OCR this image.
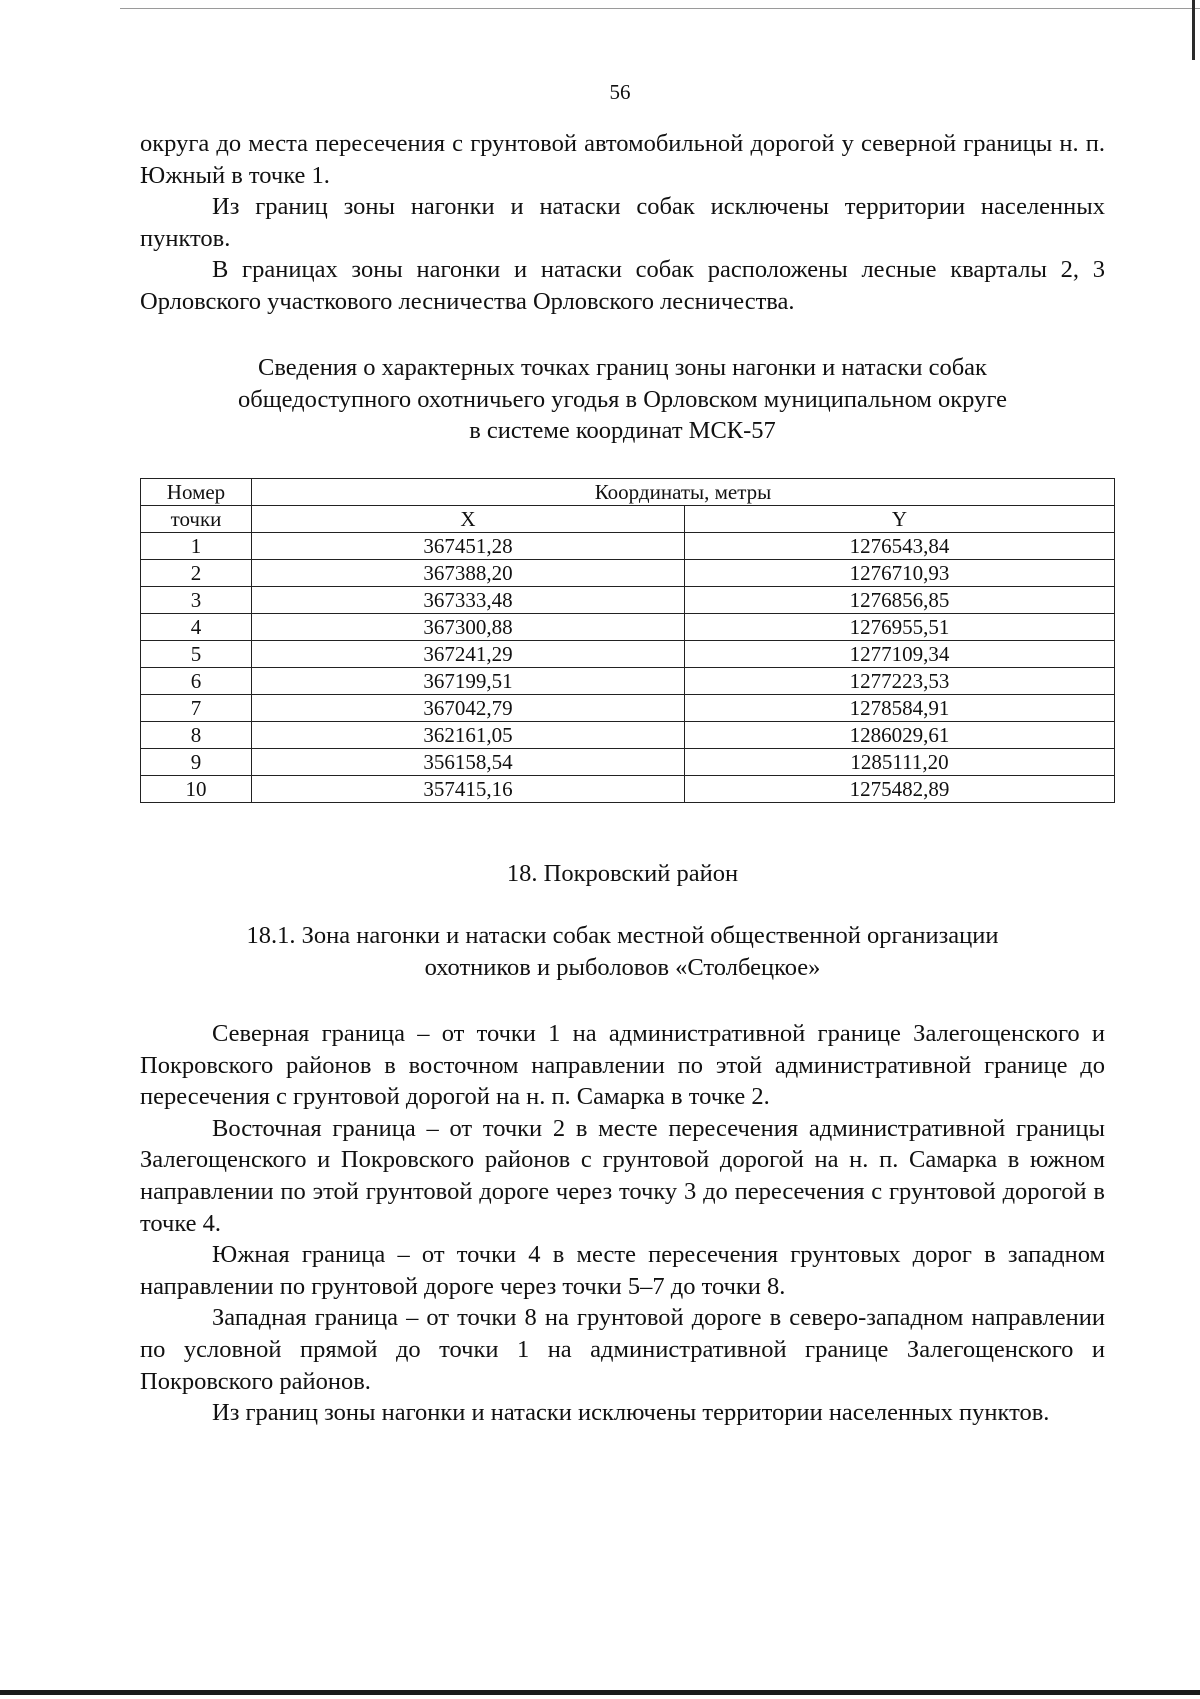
56

округа до места пересечения с грунтовой автомобильной дорогой у северной границы н. п. Южный в точке 1.

Из границ зоны нагонки и натаски собак исключены территории населенных пунктов.

В границах зоны нагонки и натаски собак расположены лесные кварталы 2, 3 Орловского участкового лесничества Орловского лесничества.

Сведения о характерных точках границ зоны нагонки и натаски собак
общедоступного охотничьего угодья в Орловском муниципальном округе
в системе координат МСК-57
Номер	Координаты, метры	
точки	X	Y
1	367451,28	1276543,84
2	367388,20	1276710,93
3	367333,48	1276856,85
4	367300,88	1276955,51
5	367241,29	1277109,34
6	367199,51	1277223,53
7	367042,79	1278584,91
8	362161,05	1286029,61
9	356158,54	1285111,20
10	357415,16	1275482,89
18. Покровский район
18.1. Зона нагонки и натаски собак местной общественной организации
охотников и рыболовов «Столбецкое»

Северная граница – от точки 1 на административной границе Залегощенского и Покровского районов в восточном направлении по этой административной границе до пересечения с грунтовой дорогой на н. п. Самарка в точке 2.

Восточная граница – от точки 2 в месте пересечения административной границы Залегощенского и Покровского районов с грунтовой дорогой на н. п. Самарка в южном направлении по этой грунтовой дороге через точку 3 до пересечения с грунтовой дорогой в точке 4.

Южная граница – от точки 4 в месте пересечения грунтовых дорог в западном направлении по грунтовой дороге через точки 5–7 до точки 8.

Западная граница – от точки 8 на грунтовой дороге в северо-западном направлении по условной прямой до точки 1 на административной границе Залегощенского и Покровского районов.

Из границ зоны нагонки и натаски исключены территории населенных пунктов.
